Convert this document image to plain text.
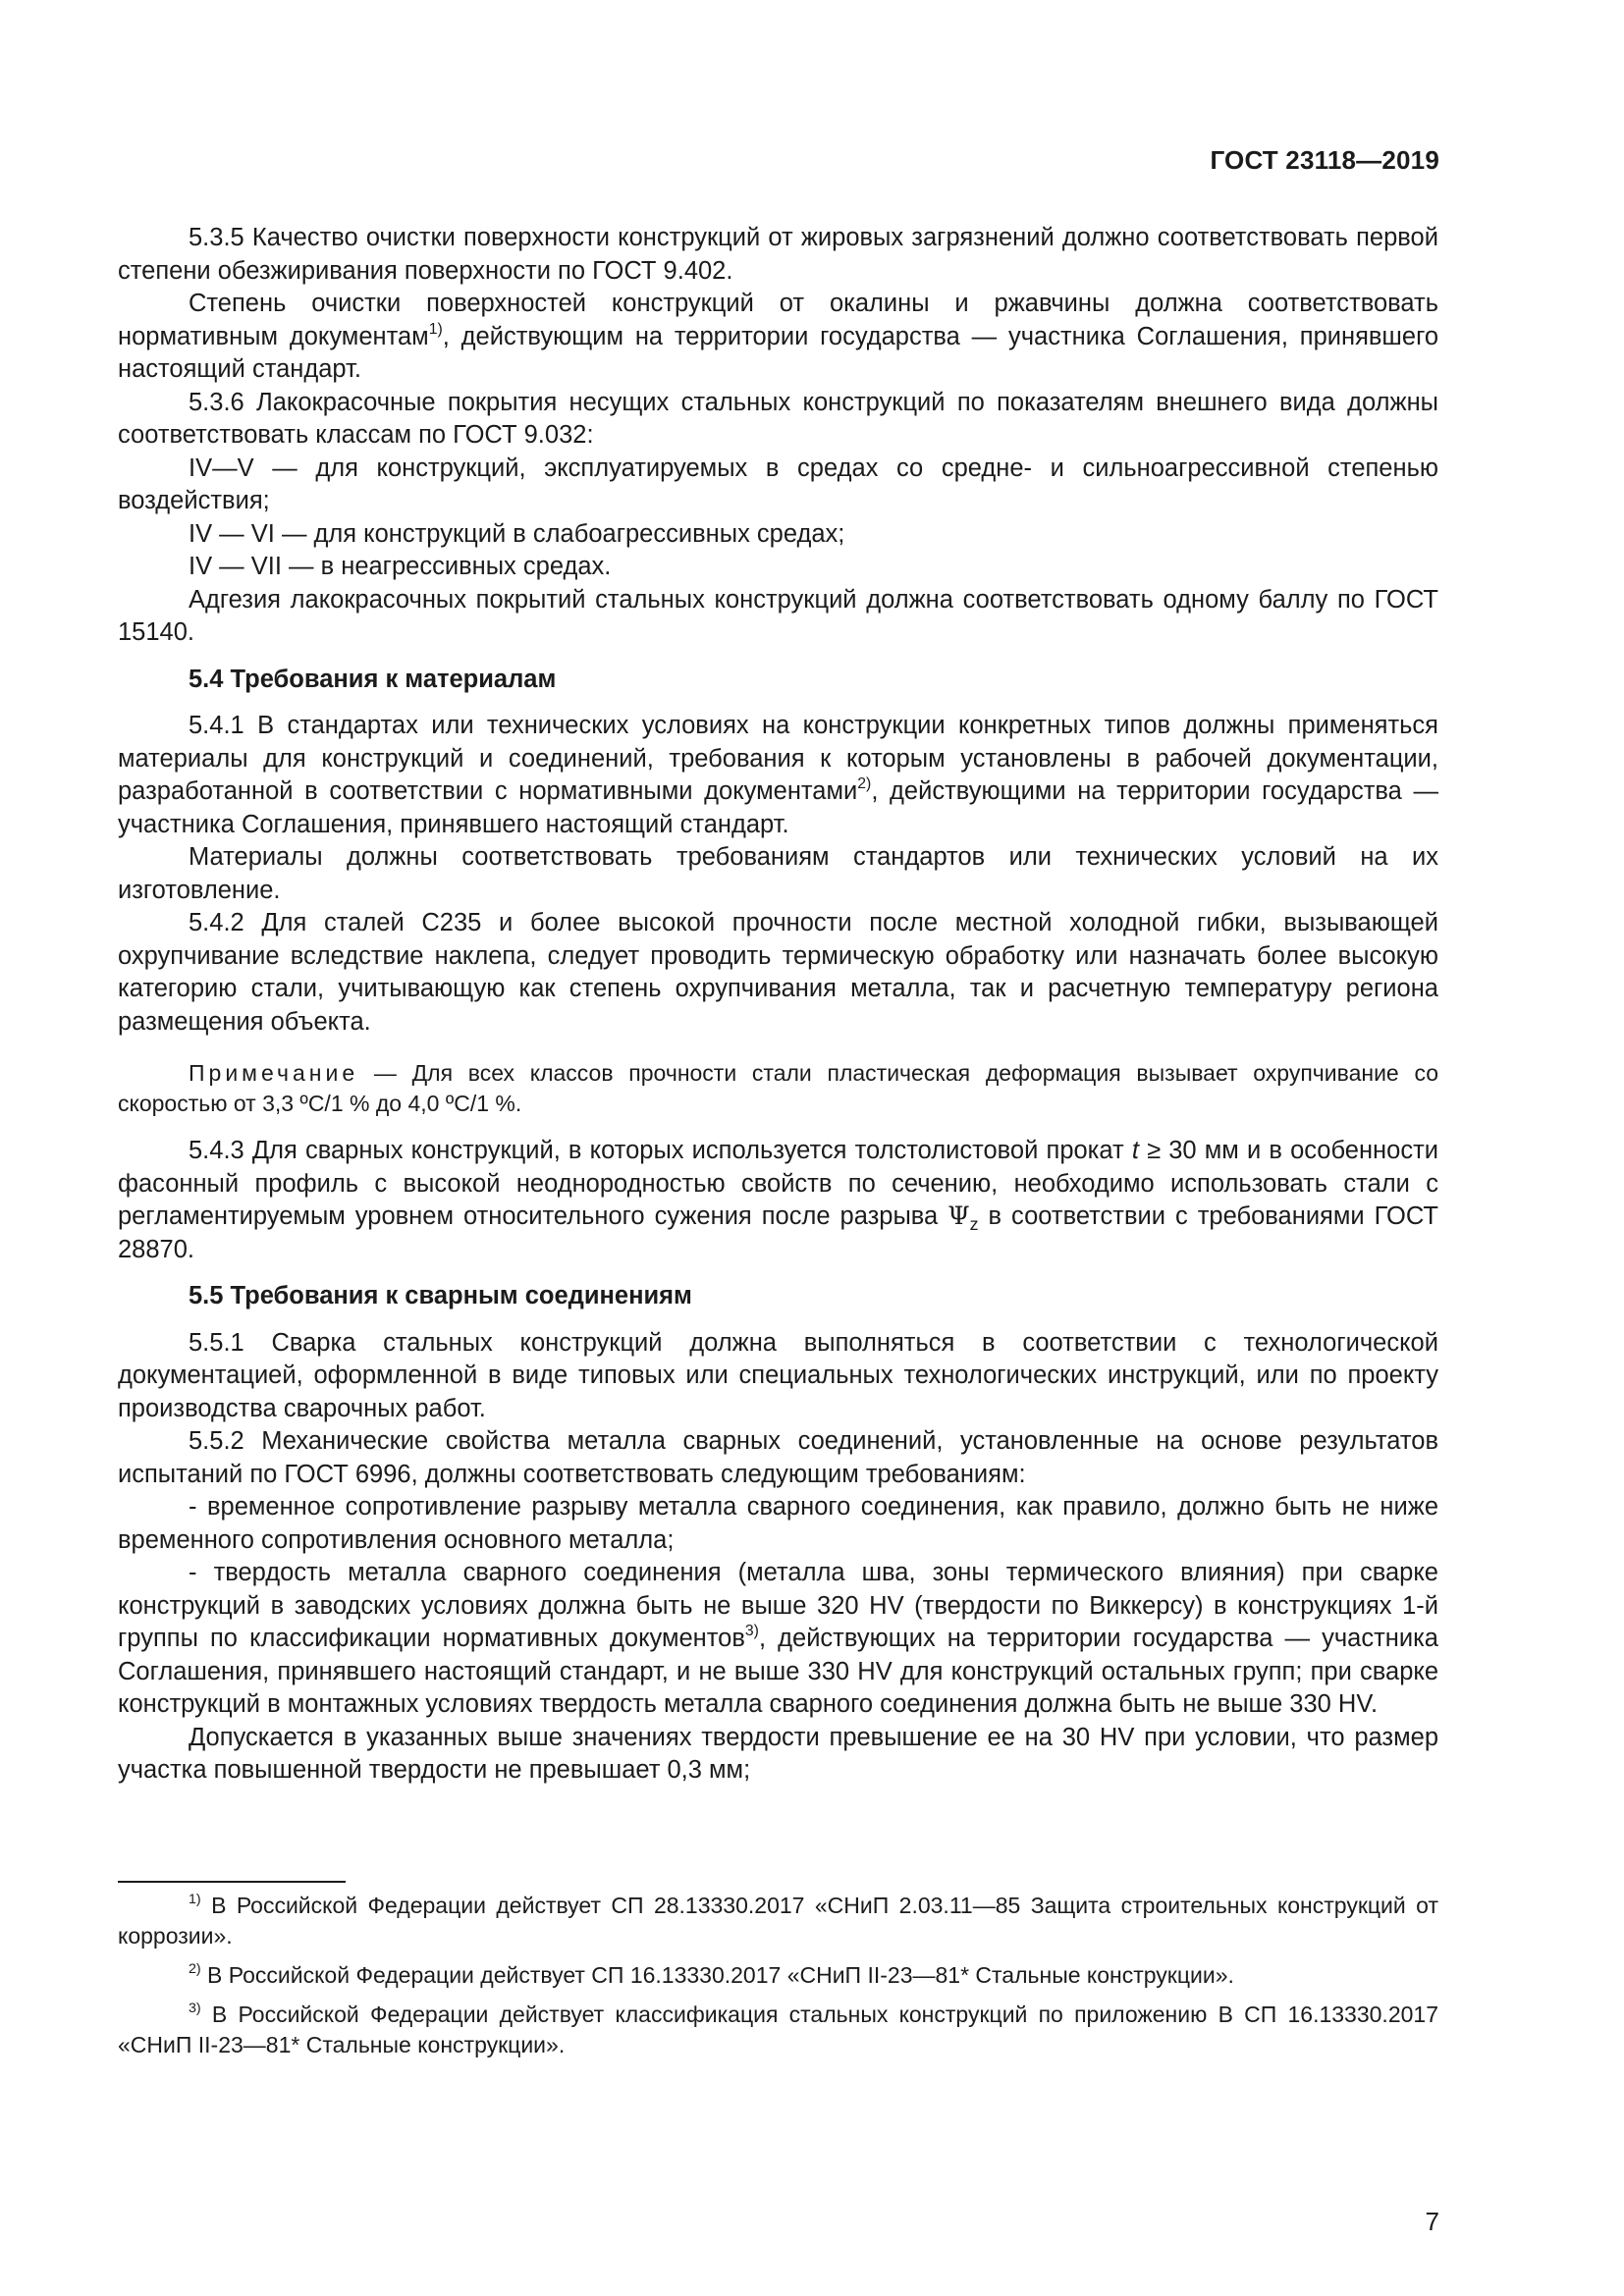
ГОСТ 23118—2019

5.3.5 Качество очистки поверхности конструкций от жировых загрязнений должно соответствовать первой степени обезжиривания поверхности по ГОСТ 9.402.

Степень очистки поверхностей конструкций от окалины и ржавчины должна соответствовать нормативным документам$^{1)}$, действующим на территории государства — участника Соглашения, принявшего настоящий стандарт.

5.3.6 Лакокрасочные покрытия несущих стальных конструкций по показателям внешнего вида должны соответствовать классам по ГОСТ 9.032:

IV—V — для конструкций, эксплуатируемых в средах со средне- и сильноагрессивной степенью воздействия;

IV — VI — для конструкций в слабоагрессивных средах;

IV — VII — в неагрессивных средах.

Адгезия лакокрасочных покрытий стальных конструкций должна соответствовать одному баллу по ГОСТ 15140.

5.4 Требования к материалам

5.4.1 В стандартах или технических условиях на конструкции конкретных типов должны применяться материалы для конструкций и соединений, требования к которым установлены в рабочей документации, разработанной в соответствии с нормативными документами$^{2)}$, действующими на территории государства — участника Соглашения, принявшего настоящий стандарт.

Материалы должны соответствовать требованиям стандартов или технических условий на их изготовление.

5.4.2 Для сталей С235 и более высокой прочности после местной холодной гибки, вызывающей охрупчивание вследствие наклепа, следует проводить термическую обработку или назначать более высокую категорию стали, учитывающую как степень охрупчивания металла, так и расчетную температуру региона размещения объекта.

Примечание — Для всех классов прочности стали пластическая деформация вызывает охрупчивание со скоростью от 3,3 ºС/1 % до 4,0 ºС/1 %.

5.4.3 Для сварных конструкций, в которых используется толстолистовой прокат t ≥ 30 мм и в особенности фасонный профиль с высокой неоднородностью свойств по сечению, необходимо использовать стали с регламентируемым уровнем относительного сужения после разрыва $\Psi_z$ в соответствии с требованиями ГОСТ 28870.

5.5 Требования к сварным соединениям

5.5.1 Сварка стальных конструкций должна выполняться в соответствии с технологической документацией, оформленной в виде типовых или специальных технологических инструкций, или по проекту производства сварочных работ.

5.5.2 Механические свойства металла сварных соединений, установленные на основе результатов испытаний по ГОСТ 6996, должны соответствовать следующим требованиям:

- временное сопротивление разрыву металла сварного соединения, как правило, должно быть не ниже временного сопротивления основного металла;

- твердость металла сварного соединения (металла шва, зоны термического влияния) при сварке конструкций в заводских условиях должна быть не выше 320 HV (твердости по Виккерсу) в конструкциях 1-й группы по классификации нормативных документов$^{3)}$, действующих на территории государства — участника Соглашения, принявшего настоящий стандарт, и не выше 330 HV для конструкций остальных групп; при сварке конструкций в монтажных условиях твердость металла сварного соединения должна быть не выше 330 HV.

Допускается в указанных выше значениях твердости превышение ее на 30 HV при условии, что размер участка повышенной твердости не превышает 0,3 мм;

$^{1)}$ В Российской Федерации действует СП 28.13330.2017 «СНиП 2.03.11—85 Защита строительных конструкций от коррозии».

$^{2)}$ В Российской Федерации действует СП 16.13330.2017 «СНиП II-23—81* Стальные конструкции».

$^{3)}$ В Российской Федерации действует классификация стальных конструкций по приложению В СП 16.13330.2017 «СНиП II-23—81* Стальные конструкции».

7
